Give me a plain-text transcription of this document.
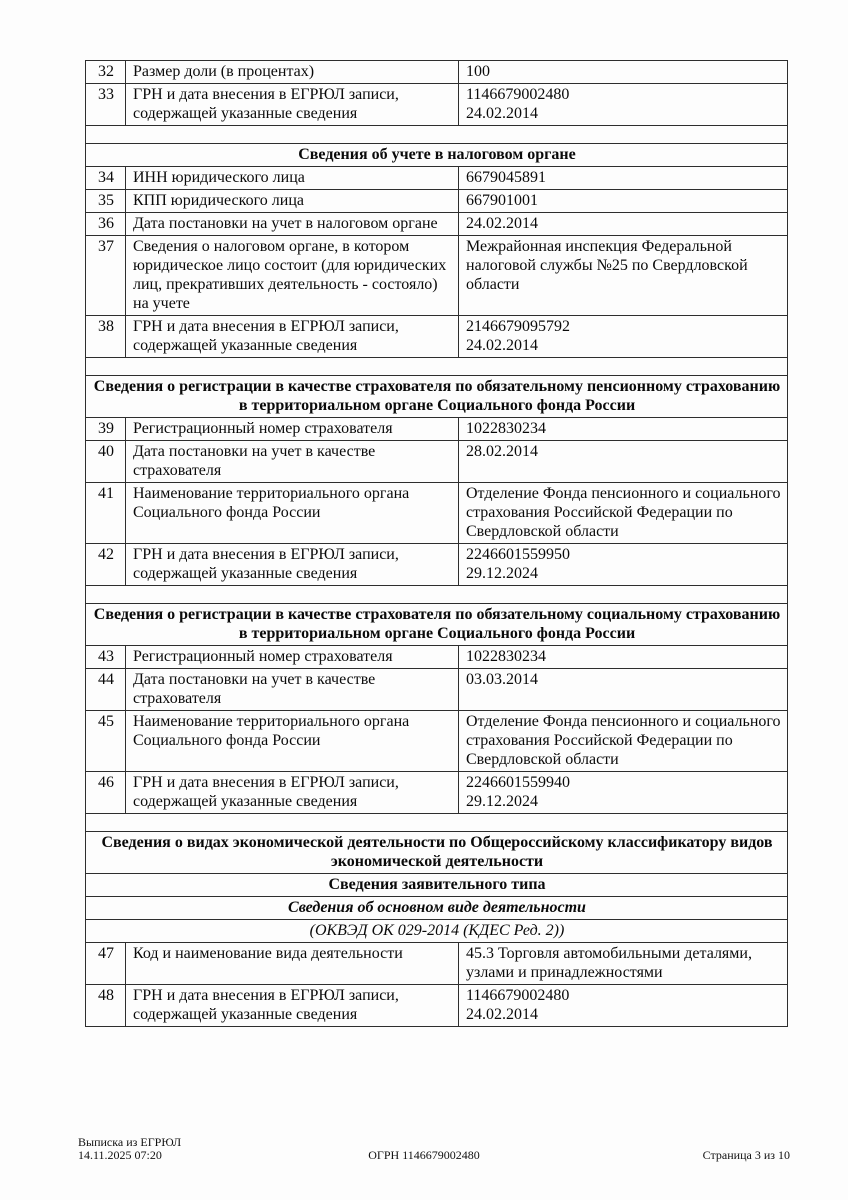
32	Размер доли (в процентах)	100

33	ГРН и дата внесения в ЕГРЮЛ записи, содержащей указанные сведения	1146679002480
24.02.2014

Сведения об учете в налоговом органе		
34	ИНН юридического лица	6679045891

35	КПП юридического лица	667901001

36	Дата постановки на учет в налоговом органе	24.02.2014

37	Сведения о налоговом органе, в котором юридическое лицо состоит (для юридических лиц, прекративших деятельность - состояло) на учете	Межрайонная инспекция Федеральной налоговой службы №25 по Свердловской области

38	ГРН и дата внесения в ЕГРЮЛ записи, содержащей указанные сведения	2146679095792
24.02.2014

Сведения о регистрации в качестве страхователя по обязательному пенсионному страхованию в территориальном органе Социального фонда России		
39	Регистрационный номер страхователя	1022830234

40	Дата постановки на учет в качестве страхователя	28.02.2014

41	Наименование территориального органа Социального фонда России	Отделение Фонда пенсионного и социального страхования Российской Федерации по Свердловской области

42	ГРН и дата внесения в ЕГРЮЛ записи, содержащей указанные сведения	2246601559950
29.12.2024

Сведения о регистрации в качестве страхователя по обязательному социальному страхованию в территориальном органе Социального фонда России		
43	Регистрационный номер страхователя	1022830234

44	Дата постановки на учет в качестве страхователя	03.03.2014

45	Наименование территориального органа Социального фонда России	Отделение Фонда пенсионного и социального страхования Российской Федерации по Свердловской области

46	ГРН и дата внесения в ЕГРЮЛ записи, содержащей указанные сведения	2246601559940
29.12.2024

Сведения о видах экономической деятельности по Общероссийскому классификатору видов экономической деятельности		
Сведения заявительного типа		
Сведения об основном виде деятельности		
(ОКВЭД ОК 029-2014 (КДЕС Ред. 2))		
47	Код и наименование вида деятельности	45.3 Торговля автомобильными деталями, узлами и принадлежностями

48	ГРН и дата внесения в ЕГРЮЛ записи, содержащей указанные сведения	1146679002480
24.02.2014
Выписка из ЕГРЮЛ
14.11.2025 07:20	ОГРН 1146679002480	Страница 3 из 10
